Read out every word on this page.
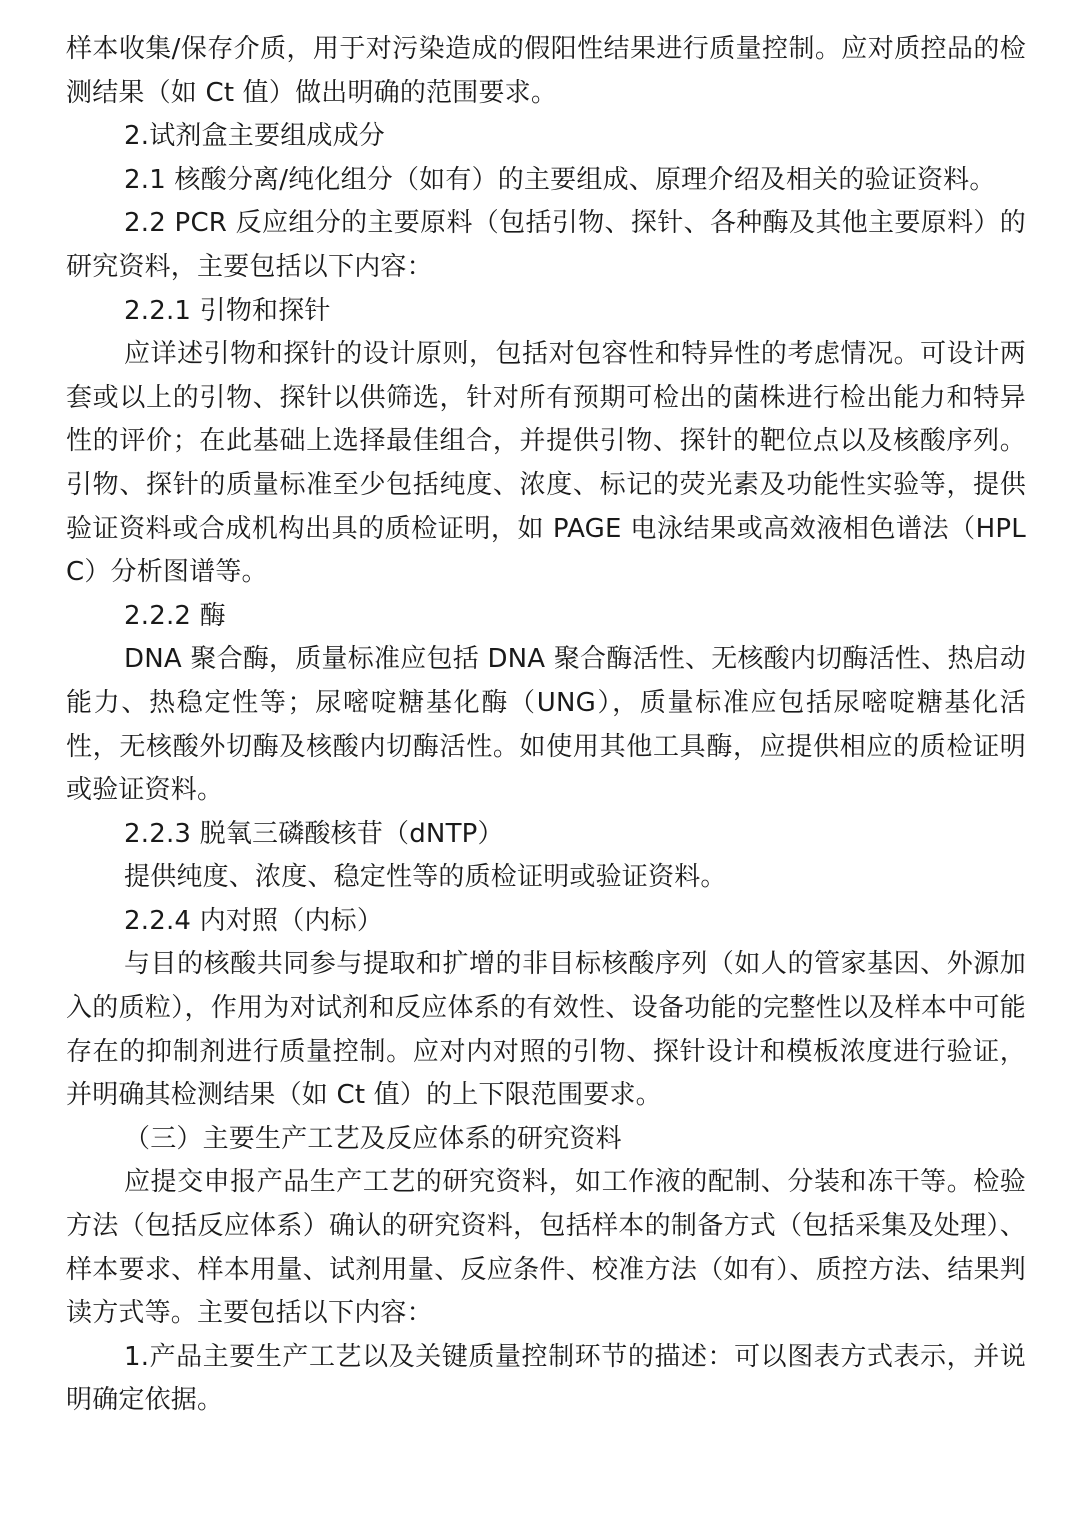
样本收集/保存介质，用于对污染造成的假阳性结果进行质量控制。应对质控品的检测结果（如 Ct 值）做出明确的范围要求。

2.试剂盒主要组成成分

2.1 核酸分离/纯化组分（如有）的主要组成、原理介绍及相关的验证资料。

2.2 PCR 反应组分的主要原料（包括引物、探针、各种酶及其他主要原料）的研究资料，主要包括以下内容：

2.2.1 引物和探针

应详述引物和探针的设计原则，包括对包容性和特异性的考虑情况。可设计两套或以上的引物、探针以供筛选，针对所有预期可检出的菌株进行检出能力和特异性的评价；在此基础上选择最佳组合，并提供引物、探针的靶位点以及核酸序列。引物、探针的质量标准至少包括纯度、浓度、标记的荧光素及功能性实验等，提供验证资料或合成机构出具的质检证明，如 PAGE 电泳结果或高效液相色谱法（HPLC）分析图谱等。

2.2.2 酶

DNA 聚合酶，质量标准应包括 DNA 聚合酶活性、无核酸内切酶活性、热启动能力、热稳定性等；尿嘧啶糖基化酶（UNG），质量标准应包括尿嘧啶糖基化活性，无核酸外切酶及核酸内切酶活性。如使用其他工具酶，应提供相应的质检证明或验证资料。

2.2.3 脱氧三磷酸核苷（dNTP）

提供纯度、浓度、稳定性等的质检证明或验证资料。

2.2.4 内对照（内标）

与目的核酸共同参与提取和扩增的非目标核酸序列（如人的管家基因、外源加入的质粒），作用为对试剂和反应体系的有效性、设备功能的完整性以及样本中可能存在的抑制剂进行质量控制。应对内对照的引物、探针设计和模板浓度进行验证，并明确其检测结果（如 Ct 值）的上下限范围要求。

（三）主要生产工艺及反应体系的研究资料

应提交申报产品生产工艺的研究资料，如工作液的配制、分装和冻干等。检验方法（包括反应体系）确认的研究资料，包括样本的制备方式（包括采集及处理）、样本要求、样本用量、试剂用量、反应条件、校准方法（如有）、质控方法、结果判读方式等。主要包括以下内容：

1.产品主要生产工艺以及关键质量控制环节的描述：可以图表方式表示，并说明确定依据。
